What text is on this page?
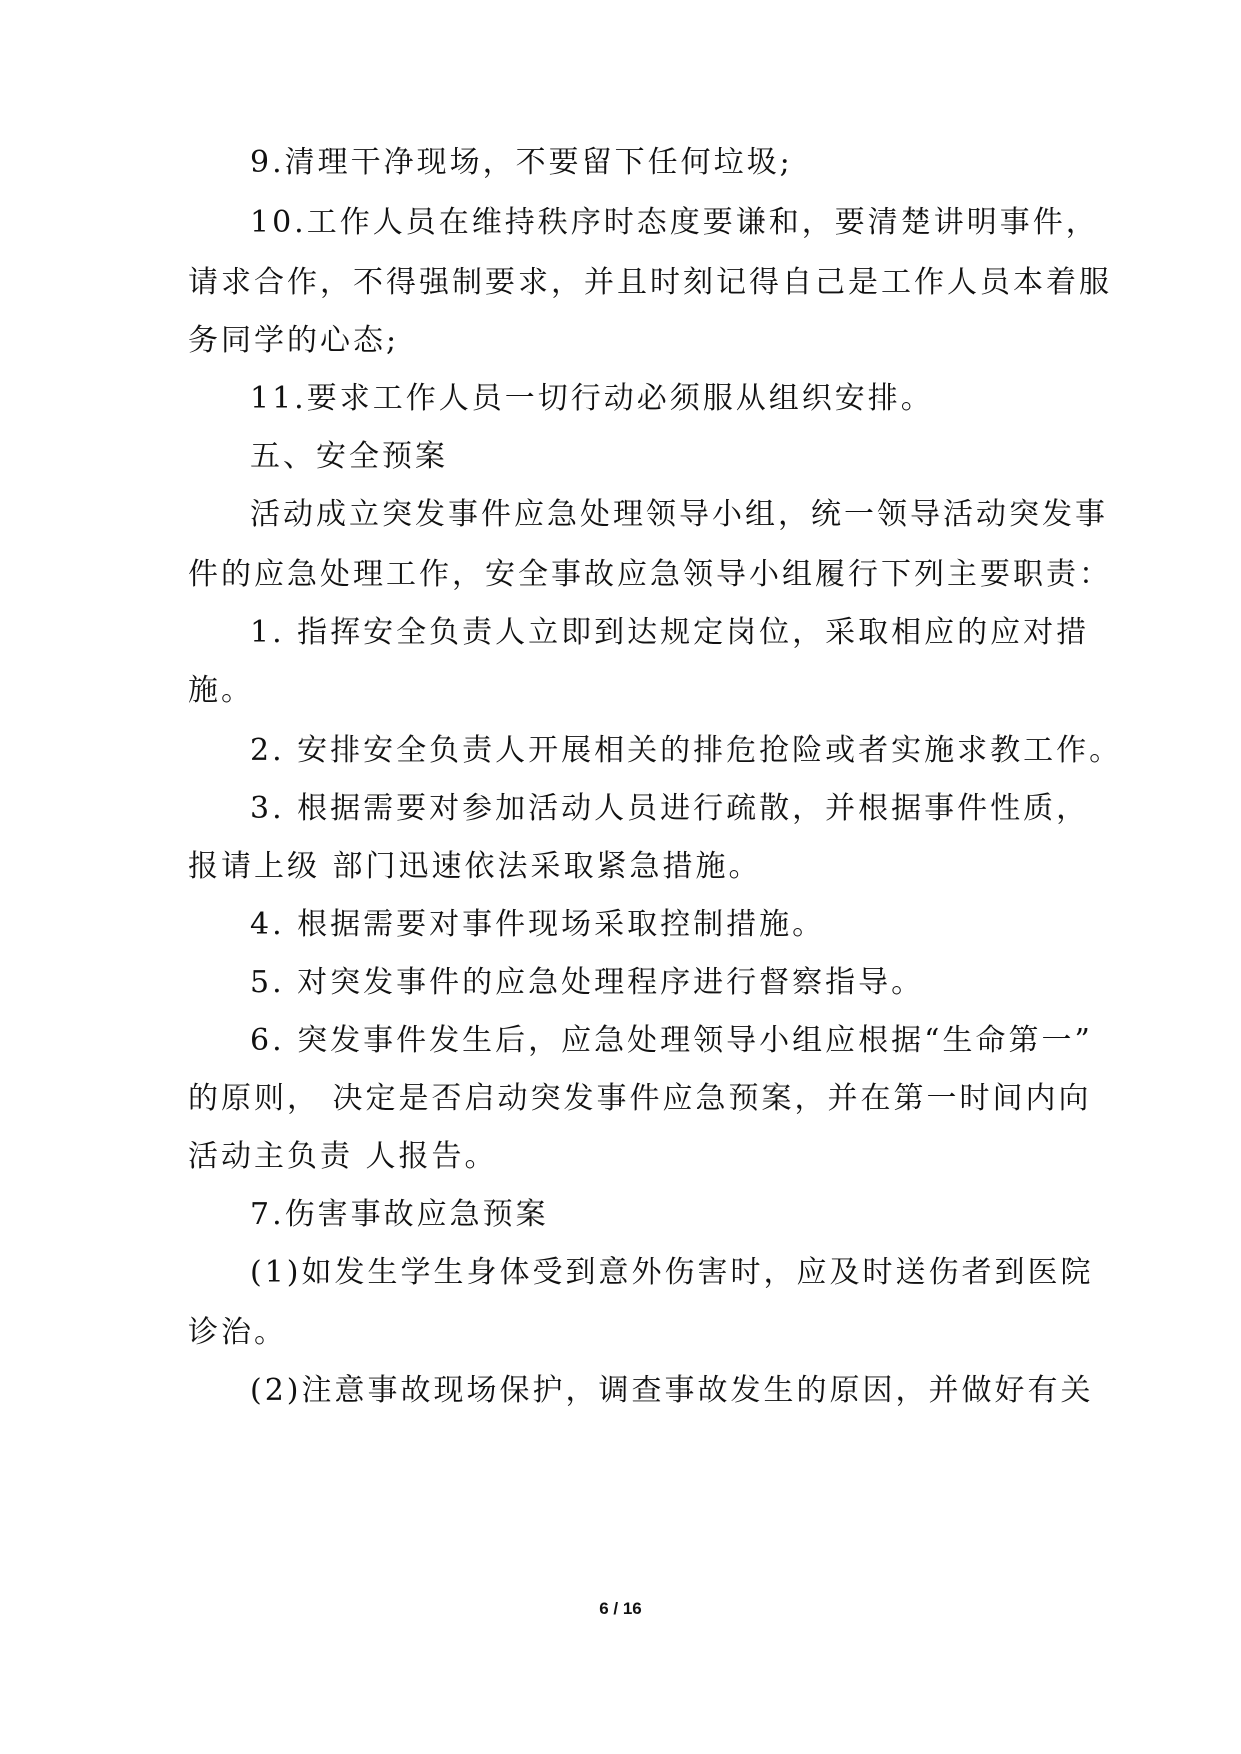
9.清理干净现场，不要留下任何垃圾;
10.工作人员在维持秩序时态度要谦和，要清楚讲明事件，
请求合作，不得强制要求，并且时刻记得自己是工作人员本着服
务同学的心态;
11.要求工作人员一切行动必须服从组织安排。
五、安全预案
活动成立突发事件应急处理领导小组，统一领导活动突发事
件的应急处理工作，安全事故应急领导小组履行下列主要职责：
1. 指挥安全负责人立即到达规定岗位，采取相应的应对措
施。
2. 安排安全负责人开展相关的排危抢险或者实施求教工作。
3. 根据需要对参加活动人员进行疏散，并根据事件性质，
报请上级 部门迅速依法采取紧急措施。
4. 根据需要对事件现场采取控制措施。
5. 对突发事件的应急处理程序进行督察指导。
6. 突发事件发生后，应急处理领导小组应根据“生命第一”
的原则， 决定是否启动突发事件应急预案，并在第一时间内向
活动主负责 人报告。
7.伤害事故应急预案
(1)如发生学生身体受到意外伤害时，应及时送伤者到医院
诊治。
(2)注意事故现场保护，调查事故发生的原因，并做好有关
6 / 16
